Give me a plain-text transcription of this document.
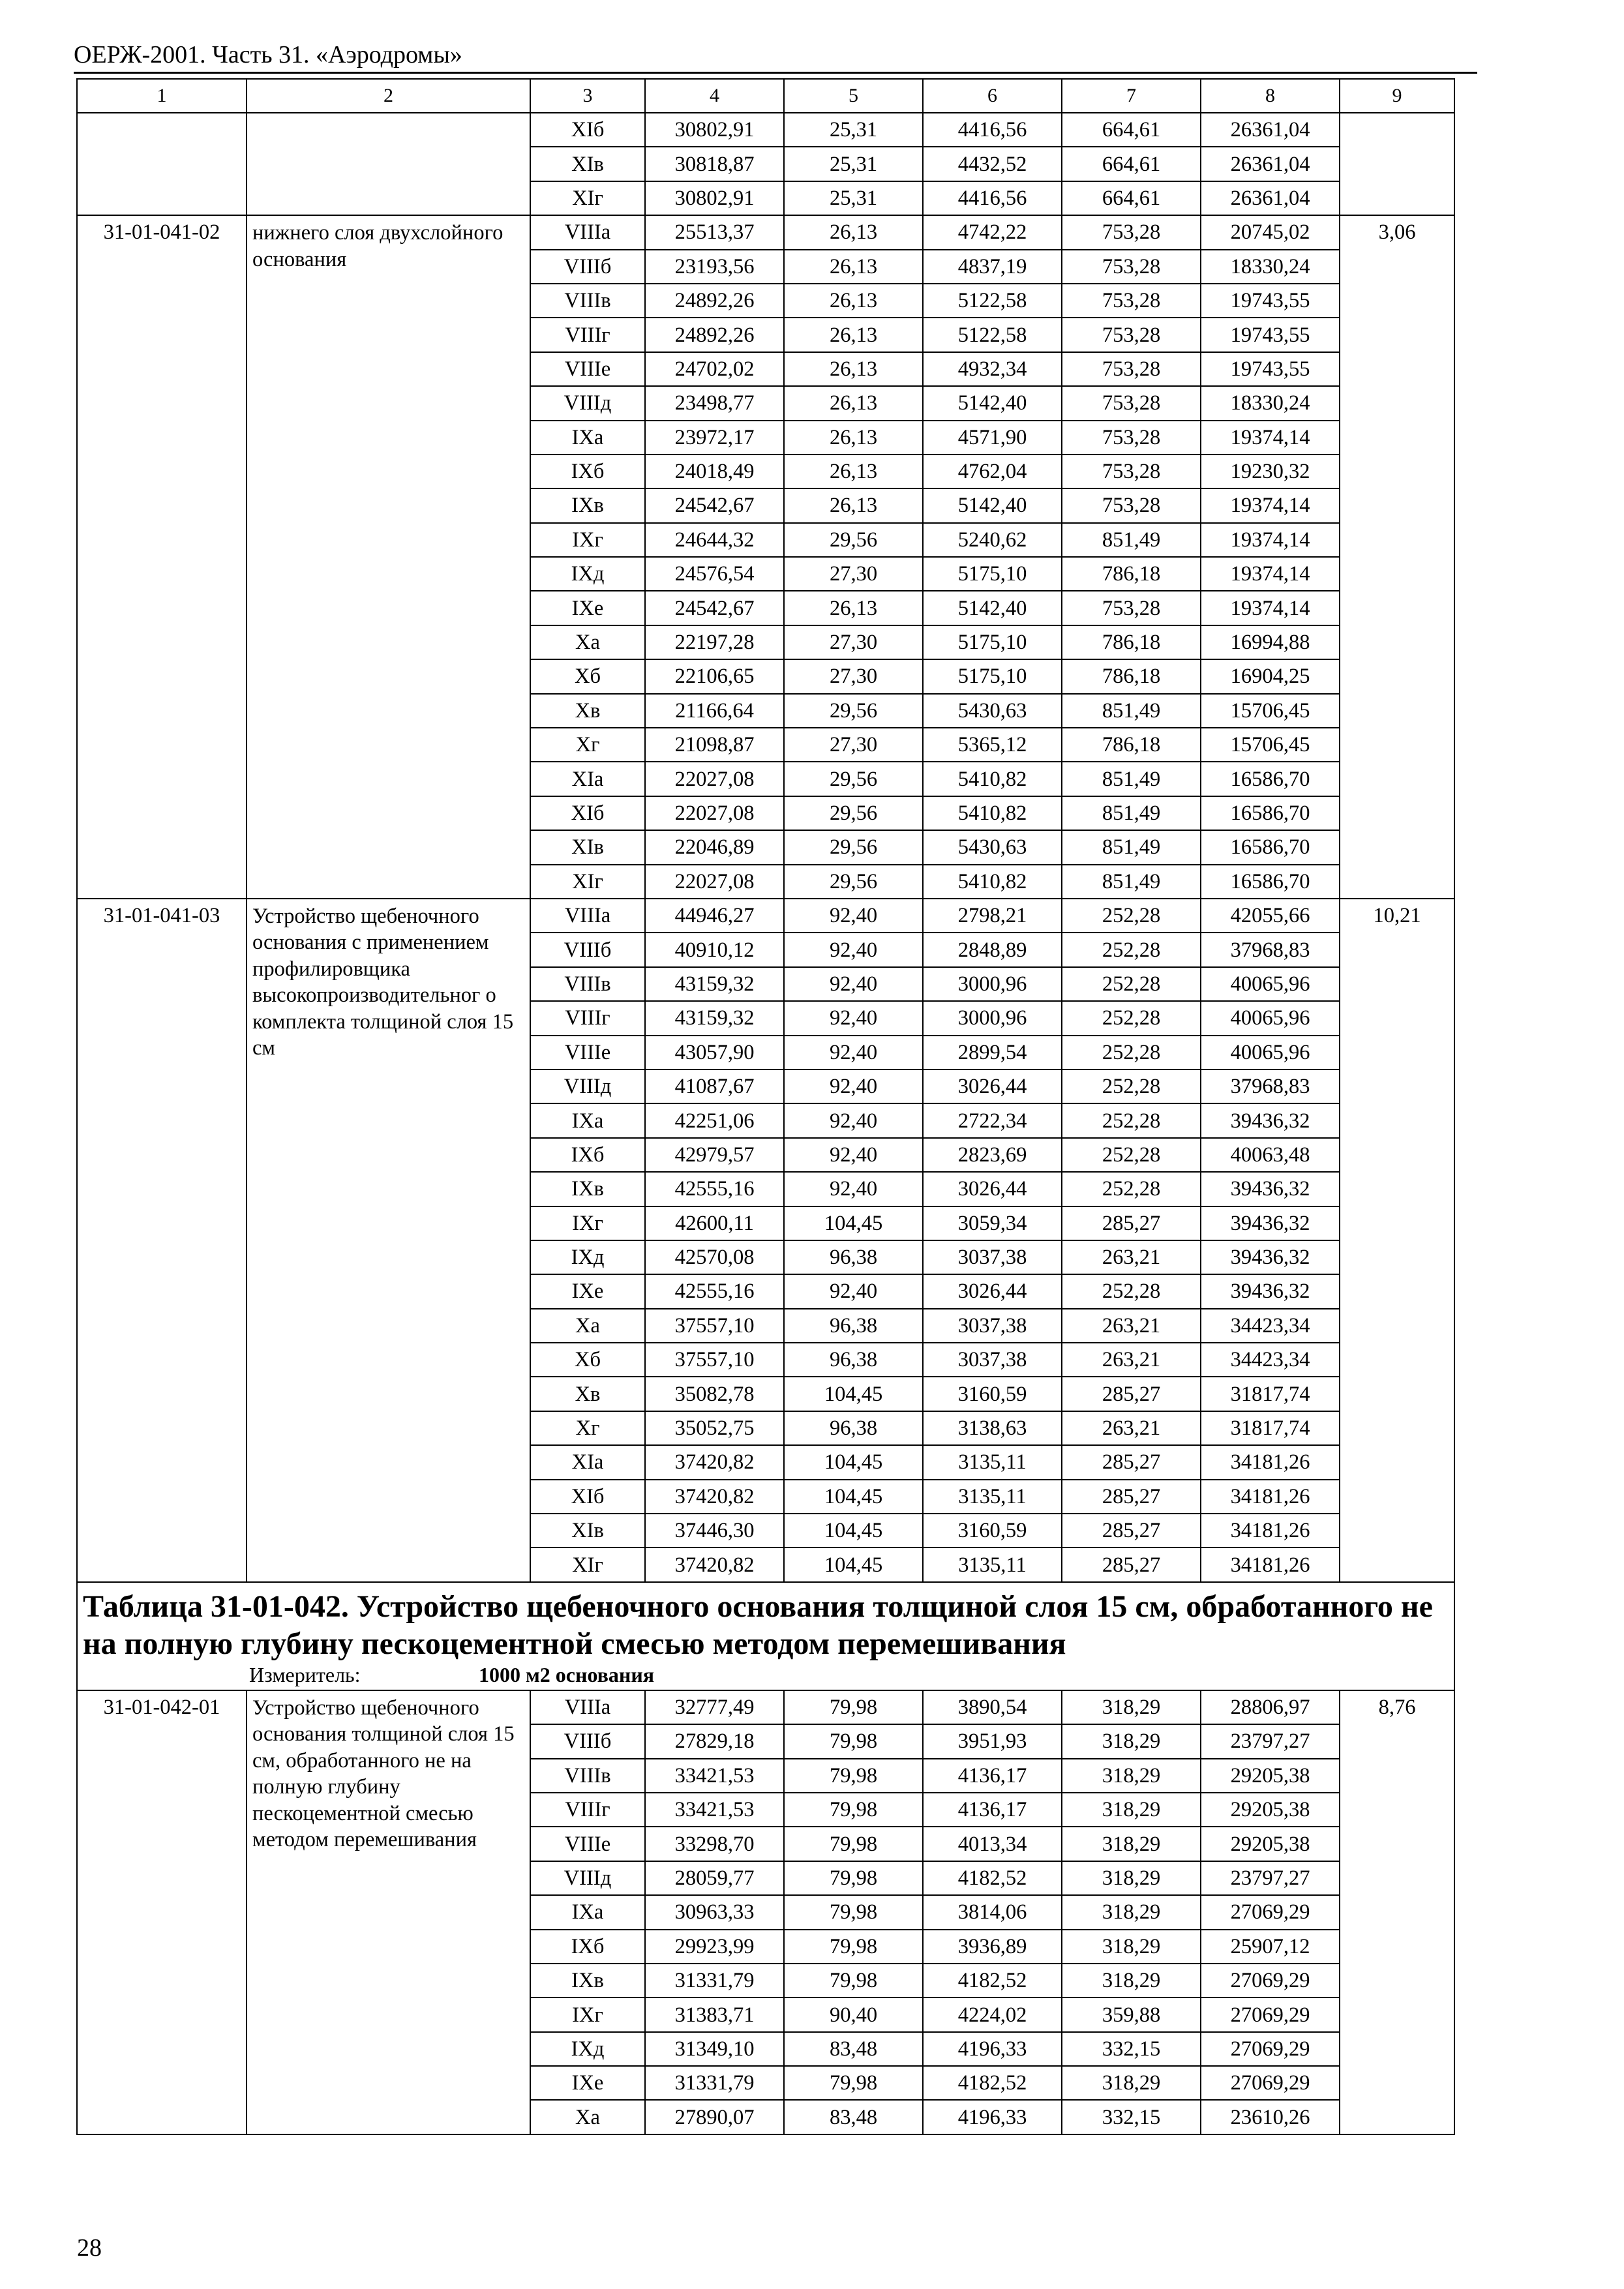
ОЕРЖ-2001. Часть 31. «Аэродромы»
1	2	3	4	5	6	7	8	9
		XIб	30802,91	25,31	4416,56	664,61	26361,04	
		XIв	30818,87	25,31	4432,52	664,61	26361,04	
		XIг	30802,91	25,31	4416,56	664,61	26361,04	
31-01-041-02	нижнего слоя двухслойного основания	VIIIа	25513,37	26,13	4742,22	753,28	20745,02	3,06
		VIIIб	23193,56	26,13	4837,19	753,28	18330,24	
		VIIIв	24892,26	26,13	5122,58	753,28	19743,55	
		VIIIг	24892,26	26,13	5122,58	753,28	19743,55	
		VIIIе	24702,02	26,13	4932,34	753,28	19743,55	
		VIIIд	23498,77	26,13	5142,40	753,28	18330,24	
		IXа	23972,17	26,13	4571,90	753,28	19374,14	
		IXб	24018,49	26,13	4762,04	753,28	19230,32	
		IXв	24542,67	26,13	5142,40	753,28	19374,14	
		IXг	24644,32	29,56	5240,62	851,49	19374,14	
		IXд	24576,54	27,30	5175,10	786,18	19374,14	
		IXе	24542,67	26,13	5142,40	753,28	19374,14	
		Xа	22197,28	27,30	5175,10	786,18	16994,88	
		Xб	22106,65	27,30	5175,10	786,18	16904,25	
		Xв	21166,64	29,56	5430,63	851,49	15706,45	
		Xг	21098,87	27,30	5365,12	786,18	15706,45	
		XIа	22027,08	29,56	5410,82	851,49	16586,70	
		XIб	22027,08	29,56	5410,82	851,49	16586,70	
		XIв	22046,89	29,56	5430,63	851,49	16586,70	
		XIг	22027,08	29,56	5410,82	851,49	16586,70	
31-01-041-03	Устройство щебеночного основания с применением профилировщика высокопроизводительног о комплекта толщиной слоя 15 см	VIIIа	44946,27	92,40	2798,21	252,28	42055,66	10,21
		VIIIб	40910,12	92,40	2848,89	252,28	37968,83	
		VIIIв	43159,32	92,40	3000,96	252,28	40065,96	
		VIIIг	43159,32	92,40	3000,96	252,28	40065,96	
		VIIIе	43057,90	92,40	2899,54	252,28	40065,96	
		VIIIд	41087,67	92,40	3026,44	252,28	37968,83	
		IXа	42251,06	92,40	2722,34	252,28	39436,32	
		IXб	42979,57	92,40	2823,69	252,28	40063,48	
		IXв	42555,16	92,40	3026,44	252,28	39436,32	
		IXг	42600,11	104,45	3059,34	285,27	39436,32	
		IXд	42570,08	96,38	3037,38	263,21	39436,32	
		IXе	42555,16	92,40	3026,44	252,28	39436,32	
		Xа	37557,10	96,38	3037,38	263,21	34423,34	
		Xб	37557,10	96,38	3037,38	263,21	34423,34	
		Xв	35082,78	104,45	3160,59	285,27	31817,74	
		Xг	35052,75	96,38	3138,63	263,21	31817,74	
		XIа	37420,82	104,45	3135,11	285,27	34181,26	
		XIб	37420,82	104,45	3135,11	285,27	34181,26	
		XIв	37446,30	104,45	3160,59	285,27	34181,26	
		XIг	37420,82	104,45	3135,11	285,27	34181,26	

Таблица 31-01-042. Устройство щебеночного основания толщиной слоя 15 см, обработанного не на полную глубину пескоцементной смесью методом перемешивания
Измеритель: 1000 м2 основания								

31-01-042-01	Устройство щебеночного основания толщиной слоя 15 см, обработанного не на полную глубину пескоцементной смесью методом перемешивания	VIIIа	32777,49	79,98	3890,54	318,29	28806,97	8,76
		VIIIб	27829,18	79,98	3951,93	318,29	23797,27	
		VIIIв	33421,53	79,98	4136,17	318,29	29205,38	
		VIIIг	33421,53	79,98	4136,17	318,29	29205,38	
		VIIIе	33298,70	79,98	4013,34	318,29	29205,38	
		VIIIд	28059,77	79,98	4182,52	318,29	23797,27	
		IXа	30963,33	79,98	3814,06	318,29	27069,29	
		IXб	29923,99	79,98	3936,89	318,29	25907,12	
		IXв	31331,79	79,98	4182,52	318,29	27069,29	
		IXг	31383,71	90,40	4224,02	359,88	27069,29	
		IXд	31349,10	83,48	4196,33	332,15	27069,29	
		IXе	31331,79	79,98	4182,52	318,29	27069,29	
		Xа	27890,07	83,48	4196,33	332,15	23610,26	
28
